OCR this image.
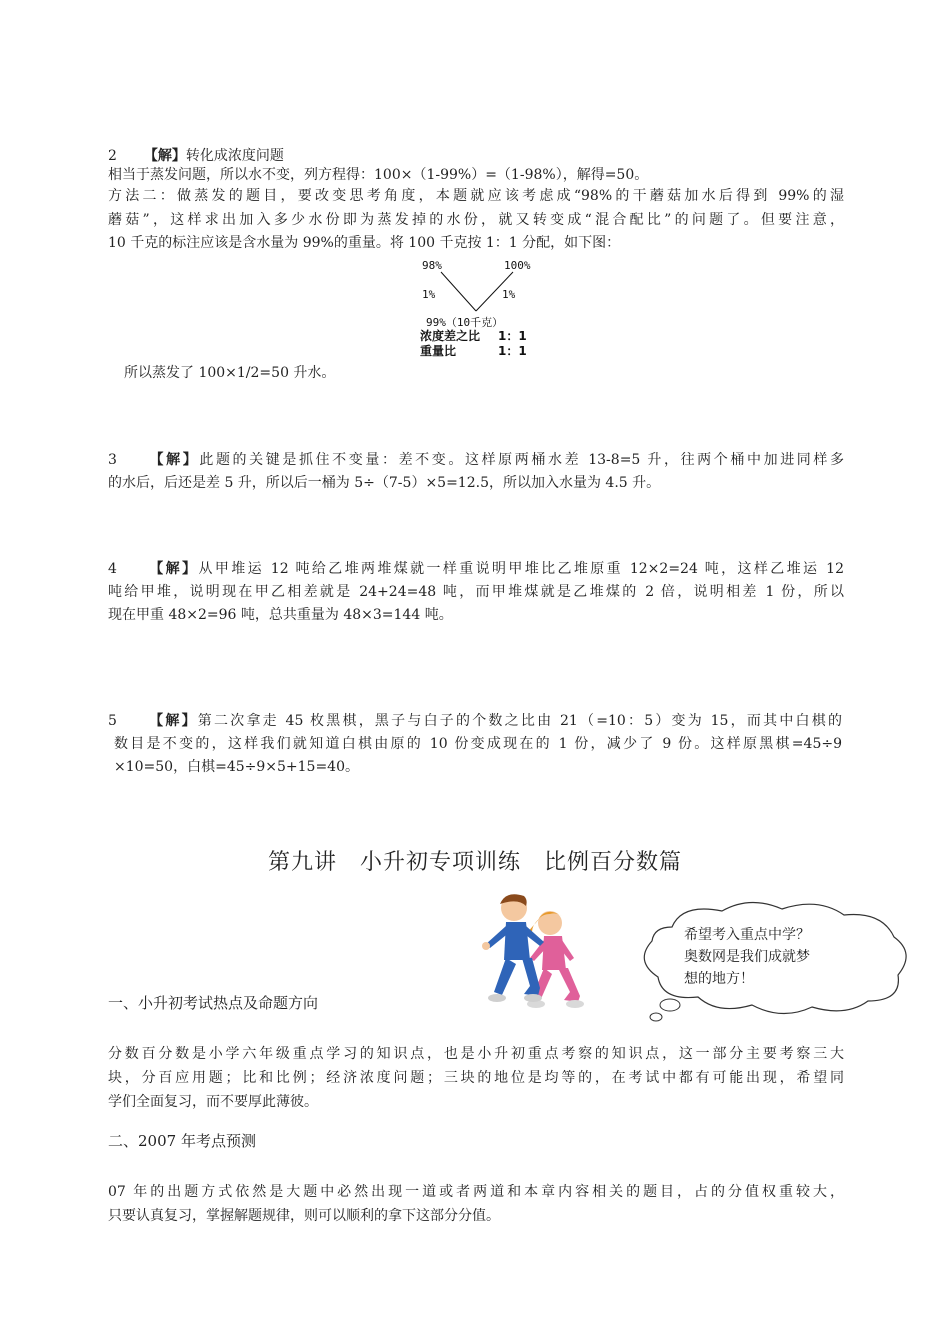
2 【解】转化成浓度问题
相当于蒸发问题，所以水不变，列方程得：100×（1-99%）=（1-98%），解得=50。
方法二：做蒸发的题目，要改变思考角度，本题就应该考虑成“98%的干蘑菇加水后得到 99%的湿
蘑菇”，这样求出加入多少水份即为蒸发掉的水份，就又转变成“混合配比”的问题了。但要注意，
10 千克的标注应该是含水量为 99%的重量。将 100 千克按 1：1 分配，如下图：
98%	100%
1%	1%
99%（10千克）
浓度差之比 1：1
重量比	1：1
所以蒸发了 100×1/2=50 升水。
3 【解】此题的关键是抓住不变量：差不变。这样原两桶水差 13-8=5 升，往两个桶中加进同样多
的水后，后还是差 5 升，所以后一桶为 5÷（7-5）×5=12.5，所以加入水量为 4.5 升。
4 【解】从甲堆运 12 吨给乙堆两堆煤就一样重说明甲堆比乙堆原重 12×2=24 吨，这样乙堆运 12
吨给甲堆，说明现在甲乙相差就是 24+24=48 吨，而甲堆煤就是乙堆煤的 2 倍，说明相差 1 份，所以
现在甲重 48×2=96 吨，总共重量为 48×3=144 吨。
5 【解】第二次拿走 45 枚黑棋，黑子与白子的个数之比由 21（=10：5）变为 15，而其中白棋的
数目是不变的，这样我们就知道白棋由原的 10 份变成现在的 1 份，减少了 9 份。这样原黑棋=45÷9
×10=50，白棋=45÷9×5+15=40。
第九讲　小升初专项训练　比例百分数篇
希望考入重点中学？
奥数网是我们成就梦
想的地方！
一、小升初考试热点及命题方向
分数百分数是小学六年级重点学习的知识点，也是小升初重点考察的知识点，这一部分主要考察三大
块，分百应用题；比和比例；经济浓度问题；三块的地位是均等的，在考试中都有可能出现，希望同
学们全面复习，而不要厚此薄彼。
二、2007 年考点预测
07 年的出题方式依然是大题中必然出现一道或者两道和本章内容相关的题目，占的分值权重较大，
只要认真复习，掌握解题规律，则可以顺利的拿下这部分分值。
